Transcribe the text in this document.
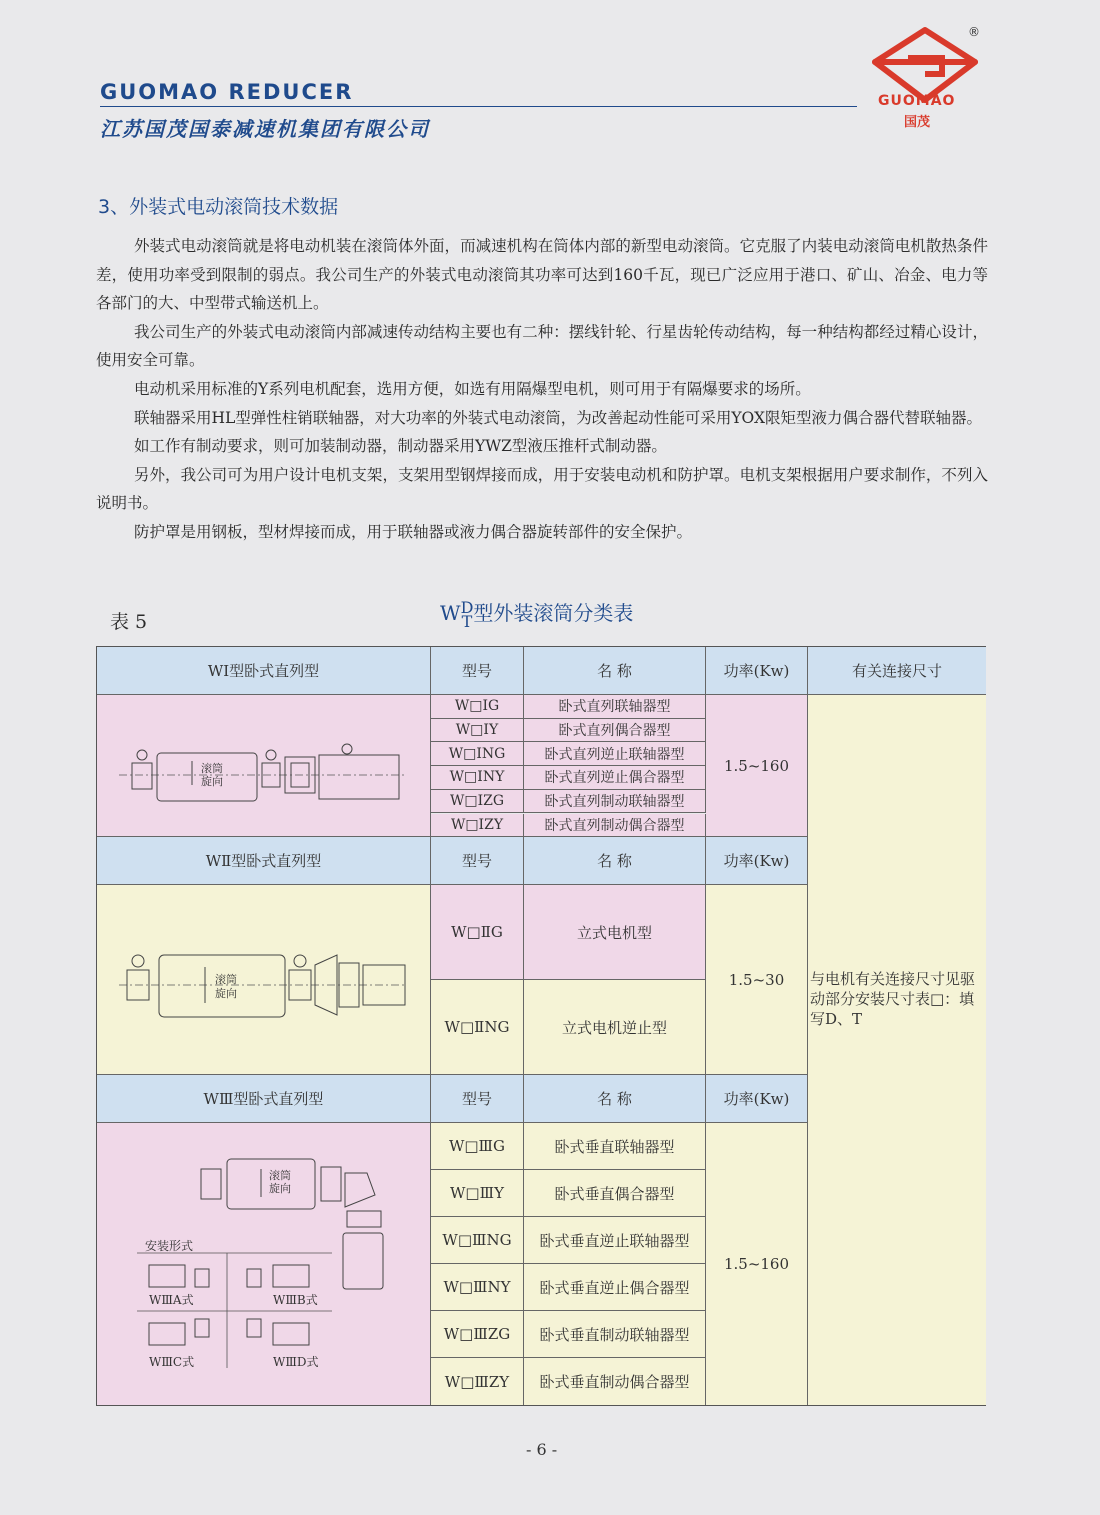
GUOMAO REDUCER
江苏国茂国泰减速机集团有限公司
®
GUOMAO
国茂
3、外装式电动滚筒技术数据

外装式电动滚筒就是将电动机装在滚筒体外面，而减速机构在筒体内部的新型电动滚筒。它克服了内装电动滚筒电机散热条件差，使用功率受到限制的弱点。我公司生产的外装式电动滚筒其功率可达到160千瓦，现已广泛应用于港口、矿山、冶金、电力等各部门的大、中型带式输送机上。

我公司生产的外装式电动滚筒内部减速传动结构主要也有二种：摆线针轮、行星齿轮传动结构，每一种结构都经过精心设计，使用安全可靠。

电动机采用标准的Y系列电机配套，选用方便，如选有用隔爆型电机，则可用于有隔爆要求的场所。

联轴器采用HL型弹性柱销联轴器，对大功率的外装式电动滚筒，为改善起动性能可采用YOX限矩型液力偶合器代替联轴器。

如工作有制动要求，则可加装制动器，制动器采用YWZ型液压推杆式制动器。

另外，我公司可为用户设计电机支架，支架用型钢焊接而成，用于安装电动机和防护罩。电机支架根据用户要求制作，不列入说明书。

防护罩是用钢板，型材焊接而成，用于联轴器或液力偶合器旋转部件的安全保护。

表 5	WD
T型外装滚筒分类表
WⅠ型卧式直列型	型号	名 称	功率(Kw)	有关连接尺寸
滚筒
旋向
W□ⅠG	卧式直列联轴器型
W□ⅠY	卧式直列偶合器型
W□ⅠNG	卧式直列逆止联轴器型
W□ⅠNY	卧式直列逆止偶合器型
W□ⅠZG	卧式直列制动联轴器型
W□ⅠZY	卧式直列制动偶合器型
1.5~160
与电机有关连接尺寸见驱动部分安装尺寸表□：填写D、T
WⅡ型卧式直列型	型号	名 称	功率(Kw)
滚筒
旋向
W□ⅡG	立式电机型
W□ⅡNG	立式电机逆止型
1.5~30
WⅢ型卧式直列型	型号	名 称	功率(Kw)
滚筒
旋向
安装形式
WⅢA式	WⅢB式
WⅢC式	WⅢD式
W□ⅢG	卧式垂直联轴器型
W□ⅢY	卧式垂直偶合器型
W□ⅢNG	卧式垂直逆止联轴器型
W□ⅢNY	卧式垂直逆止偶合器型
W□ⅢZG	卧式垂直制动联轴器型
W□ⅢZY	卧式垂直制动偶合器型
1.5~160
- 6 -
